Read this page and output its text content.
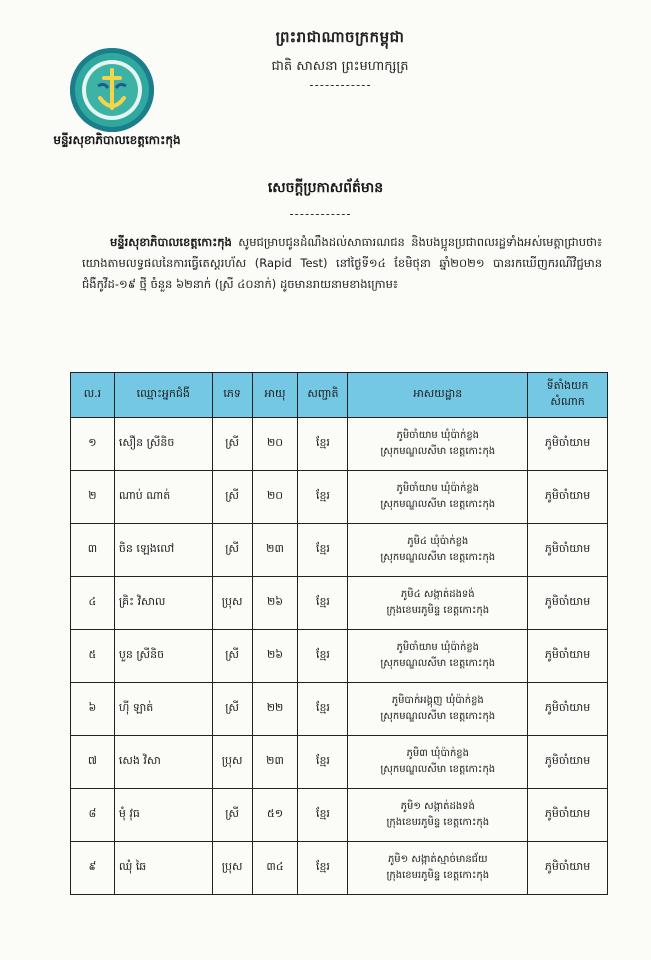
ព្រះរាជាណាចក្រកម្ពុជា
ជាតិ សាសនា ព្រះមហាក្សត្រ
មន្ទីរសុខាភិបាលខេត្តកោះកុង
សេចក្តីប្រកាសព័ត៌មាន
មន្ទីរសុខាភិបាលខេត្តកោះកុង សូមជម្រាបជូនដំណឹងដល់សាធារណជន និងបងប្អូនប្រជាពលរដ្ឋទាំងអស់មេត្តាជ្រាបថា៖ យោងតាមលទ្ធផលនៃការធ្វើតេស្តរហ័ស (Rapid Test) នៅថ្ងៃទី១៤ ខែមិថុនា ឆ្នាំ២០២១ បានរកឃើញករណីវិជ្ជមានជំងឺកូវីដ-១៩ ថ្មី ចំនួន ៦២នាក់ (ស្រី ៤០នាក់) ដូចមានរាយនាមខាងក្រោម៖
ល.រ	ឈ្មោះអ្នកជំងឺ	ភេទ	អាយុ	សញ្ជាតិ	អាសយដ្ឋាន	ទីតាំងយកសំណាក
១	សឿន ស្រីនិច	ស្រី	២០	ខ្មែរ	ភូមិចាំយាម ឃុំប៉ាក់ខ្លង
ស្រុកមណ្ឌលសីមា ខេត្តកោះកុង	ភូមិចាំយាម
២	ណាប់ ណាត់	ស្រី	២០	ខ្មែរ	ភូមិចាំយាម ឃុំប៉ាក់ខ្លង
ស្រុកមណ្ឌលសីមា ខេត្តកោះកុង	ភូមិចាំយាម
៣	ចិន ឡេងលៅ	ស្រី	២៣	ខ្មែរ	ភូមិ៤ ឃុំប៉ាក់ខ្លង
ស្រុកមណ្ឌលសីមា ខេត្តកោះកុង	ភូមិចាំយាម
៤	គ្រិះ វិសាល	ប្រុស	២៦	ខ្មែរ	ភូមិ៤ សង្កាត់ដងទង់
ក្រុងខេមរភូមិន្ទ ខេត្តកោះកុង	ភូមិចាំយាម
៥	បួន ស្រីនិច	ស្រី	២៦	ខ្មែរ	ភូមិចាំយាម ឃុំប៉ាក់ខ្លង
ស្រុកមណ្ឌលសីមា ខេត្តកោះកុង	ភូមិចាំយាម
៦	ហ៊ី ឡាត់	ស្រី	២២	ខ្មែរ	ភូមិបាក់អង្គុញ ឃុំប៉ាក់ខ្លង
ស្រុកមណ្ឌលសីមា ខេត្តកោះកុង	ភូមិចាំយាម
៧	សេង វិសា	ប្រុស	២៣	ខ្មែរ	ភូមិ៣ ឃុំប៉ាក់ខ្លង
ស្រុកមណ្ឌលសីមា ខេត្តកោះកុង	ភូមិចាំយាម
៨	មុំ វុធ	ស្រី	៥១	ខ្មែរ	ភូមិ១ សង្កាត់ដងទង់
ក្រុងខេមរភូមិន្ទ ខេត្តកោះកុង	ភូមិចាំយាម
៩	ឈុំ ឆៃ	ប្រុស	៣៤	ខ្មែរ	ភូមិ១ សង្កាត់ស្មាច់មានជ័យ
ក្រុងខេមរភូមិន្ទ ខេត្តកោះកុង	ភូមិចាំយាម
